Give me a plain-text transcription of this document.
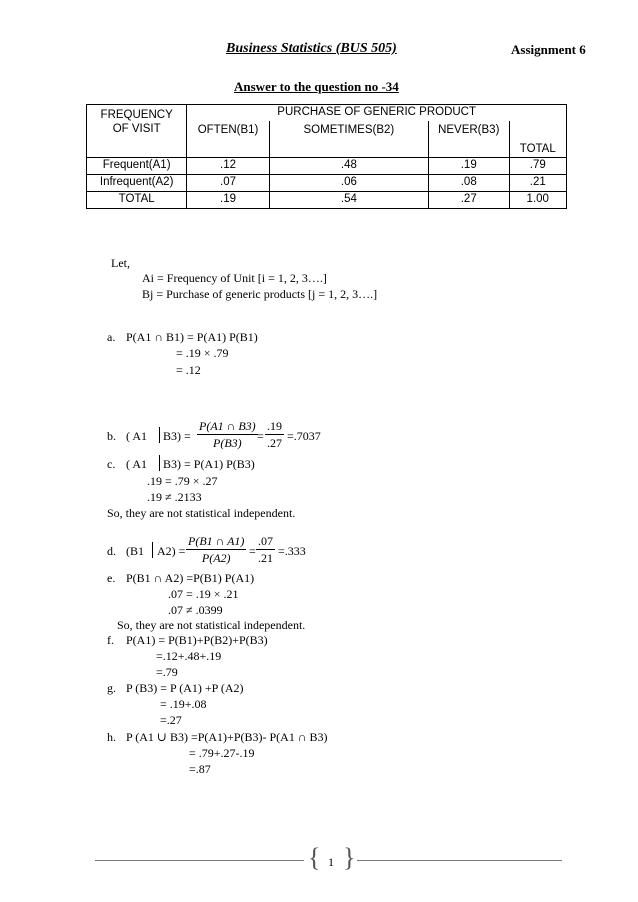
Business Statistics (BUS 505)	Assignment 6
Answer to the question no -34
FREQUENCY
OF VISIT	PURCHASE OF GENERIC PRODUCT			
	OFTEN(B1)	SOMETIMES(B2)	NEVER(B3)	TOTAL
Frequent(A1)	.12	.48	.19	.79
Infrequent(A2)	.07	.06	.08	.21
TOTAL	.19	.54	.27	1.00
Let,
Ai = Frequency of Unit [i = 1, 2, 3….]
Bj = Purchase of generic products [j = 1, 2, 3….]
a. P(A1 ∩ B1) = P(A1) P(B1)
= .19 × .79
= .12
b. ( A1 B3) =
P(A1 ∩ B3)
P(B3)	=
.19
.27 =.7037
c. ( A1 B3) = P(A1) P(B3)
.19 = .79 × .27
.19 ≠ .2133
So, they are not statistical independent.
d. (B1 A2) =
P(B1 ∩ A1)
P(A2)	=
.07
.21 =.333
e. P(B1 ∩ A2) =P(B1) P(A1)
.07 = .19 × .21
.07 ≠ .0399
So, they are not statistical independent.
f. P(A1) = P(B1)+P(B2)+P(B3)
=.12+.48+.19
=.79
g. P (B3) = P (A1) +P (A2)
= .19+.08
=.27
h. P (A1 ∪ B3) =P(A1)+P(B3)- P(A1 ∩ B3)
= .79+.27-.19
=.87
{ 1 }
